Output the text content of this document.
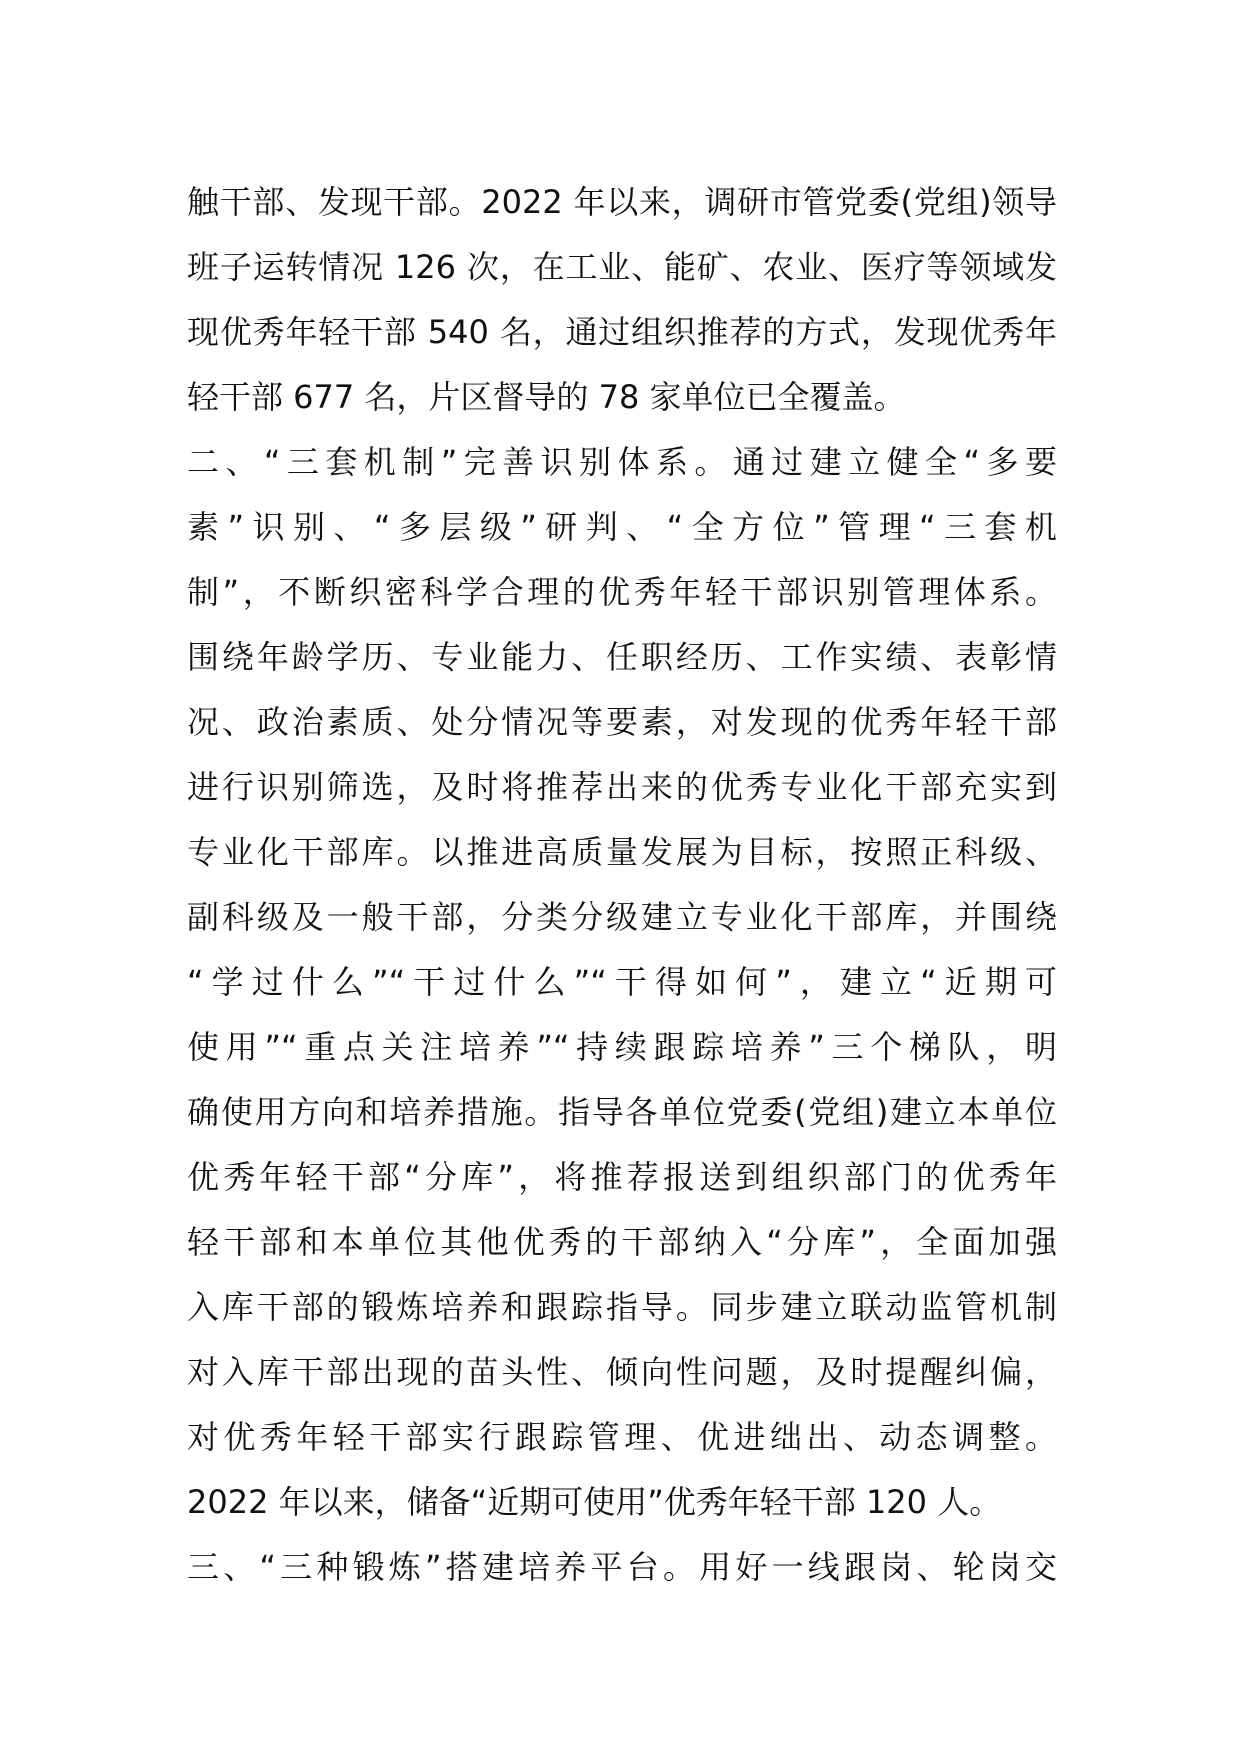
触干部、发现干部。2022 年以来，调研市管党委(党组)领导
班子运转情况 126 次，在工业、能矿、农业、医疗等领域发
现优秀年轻干部 540 名，通过组织推荐的方式，发现优秀年
轻干部 677 名，片区督导的 78 家单位已全覆盖。
二、“三套机制”完善识别体系。通过建立健全“多要
素”识别、“多层级”研判、“全方位”管理“三套机
制”，不断织密科学合理的优秀年轻干部识别管理体系。
围绕年龄学历、专业能力、任职经历、工作实绩、表彰情
况、政治素质、处分情况等要素，对发现的优秀年轻干部
进行识别筛选，及时将推荐出来的优秀专业化干部充实到
专业化干部库。以推进高质量发展为目标，按照正科级、
副科级及一般干部，分类分级建立专业化干部库，并围绕
“学过什么”“干过什么”“干得如何”，建立“近期可
使用”“重点关注培养”“持续跟踪培养”三个梯队，明
确使用方向和培养措施。指导各单位党委(党组)建立本单位
优秀年轻干部“分库”，将推荐报送到组织部门的优秀年
轻干部和本单位其他优秀的干部纳入“分库”，全面加强
入库干部的锻炼培养和跟踪指导。同步建立联动监管机制
对入库干部出现的苗头性、倾向性问题，及时提醒纠偏，
对优秀年轻干部实行跟踪管理、优进绌出、动态调整。
2022 年以来，储备“近期可使用”优秀年轻干部 120 人。
三、“三种锻炼”搭建培养平台。用好一线跟岗、轮岗交
